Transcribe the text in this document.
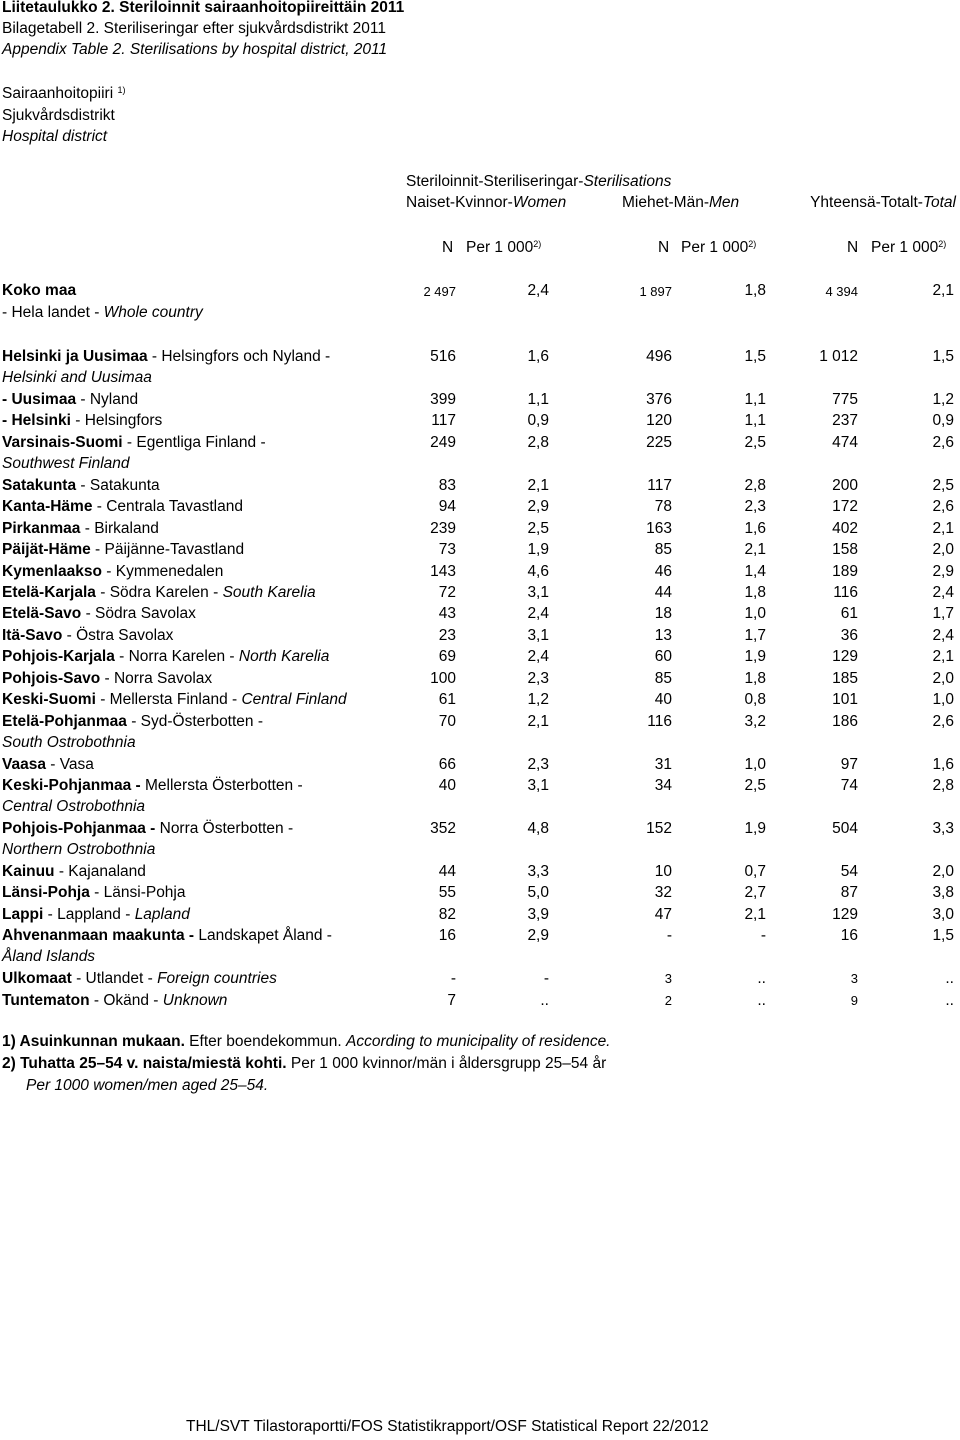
Liitetaulukko 2. Steriloinnit sairaanhoitopiireittäin 2011
Bilagetabell 2. Steriliseringar efter sjukvårdsdistrikt 2011
Appendix Table 2. Sterilisations by hospital district, 2011
Sairaanhoitopiiri $^{1)}$
Sjukvårdsdistrikt
Hospital district
Steriloinnit-Steriliseringar-Sterilisations
Naiset-Kvinnor-Women	Miehet-Män-Men	Yhteensä-Totalt-Total
N Per 1 000$^{2)}$	N Per 1 000$^{2)}$	N Per 1 000$^{2)}$
Koko maa
- Hela landet - Whole country
2 497	2,4	1 897	1,8	4 394	2,1
Helsinki ja Uusimaa - Helsingfors och Nyland -
Helsinki and Uusimaa
516	1,6	496	1,5	1 012	1,5
- Uusimaa - Nyland	399	1,1	376	1,1	775	1,2
- Helsinki - Helsingfors	117	0,9	120	1,1	237	0,9
Varsinais-Suomi - Egentliga Finland -
Southwest Finland
249	2,8	225	2,5	474	2,6
Satakunta - Satakunta	83	2,1	117	2,8	200	2,5
Kanta-Häme - Centrala Tavastland	94	2,9	78	2,3	172	2,6
Pirkanmaa - Birkaland	239	2,5	163	1,6	402	2,1
Päijät-Häme - Päijänne-Tavastland	73	1,9	85	2,1	158	2,0
Kymenlaakso - Kymmenedalen	143	4,6	46	1,4	189	2,9
Etelä-Karjala - Södra Karelen - South Karelia	72	3,1	44	1,8	116	2,4
Etelä-Savo - Södra Savolax	43	2,4	18	1,0	61	1,7
Itä-Savo - Östra Savolax	23	3,1	13	1,7	36	2,4
Pohjois-Karjala - Norra Karelen - North Karelia	69	2,4	60	1,9	129	2,1
Pohjois-Savo - Norra Savolax	100	2,3	85	1,8	185	2,0
Keski-Suomi - Mellersta Finland - Central Finland	61	1,2	40	0,8	101	1,0
Etelä-Pohjanmaa - Syd-Österbotten -
South Ostrobothnia
70	2,1	116	3,2	186	2,6
Vaasa - Vasa	66	2,3	31	1,0	97	1,6
Keski-Pohjanmaa - Mellersta Österbotten -
Central Ostrobothnia
40	3,1	34	2,5	74	2,8
Pohjois-Pohjanmaa - Norra Österbotten -
Northern Ostrobothnia
352	4,8	152	1,9	504	3,3
Kainuu - Kajanaland	44	3,3	10	0,7	54	2,0
Länsi-Pohja - Länsi-Pohja	55	5,0	32	2,7	87	3,8
Lappi - Lappland - Lapland	82	3,9	47	2,1	129	3,0
Ahvenanmaan maakunta - Landskapet Åland -
Åland Islands
16	2,9	-	-	16	1,5
Ulkomaat - Utlandet - Foreign countries	-	-	3	..	3	..
Tuntematon - Okänd - Unknown	7	..	2	..	9	..
1) Asuinkunnan mukaan. Efter boendekommun. According to municipality of residence.
2) Tuhatta 25–54 v. naista/miestä kohti. Per 1 000 kvinnor/män i åldersgrupp 25–54 år
Per 1000 women/men aged 25–54.
THL/SVT Tilastoraportti/FOS Statistikrapport/OSF Statistical Report 22/2012
